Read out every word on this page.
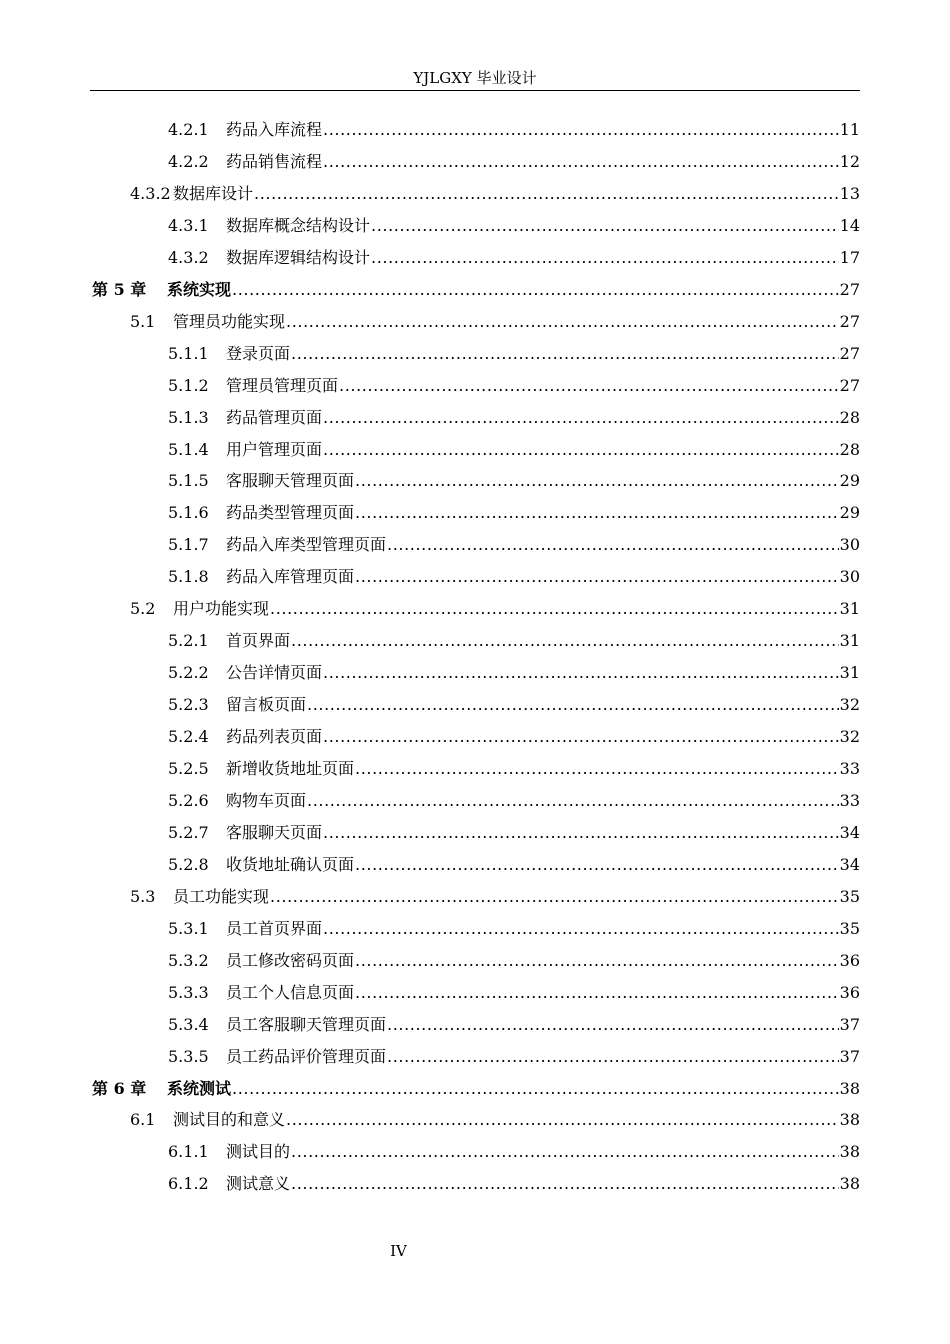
YJLGXY 毕业设计
4.2.1	药品入库流程 .....	11
4.2.2	药品销售流程 .....	12
4.3.2 数据库设计 .....	13
4.3.1	数据库概念结构设计 .....	14
4.3.2	数据库逻辑结构设计 .....	17
第 5 章	系统实现 .....	27
5.1	管理员功能实现 .....	27
5.1.1	登录页面 .....	27
5.1.2	管理员管理页面 .....	27
5.1.3	药品管理页面 .....	28
5.1.4	用户管理页面 .....	28
5.1.5	客服聊天管理页面 .....	29
5.1.6	药品类型管理页面 .....	29
5.1.7	药品入库类型管理页面 .....	30
5.1.8	药品入库管理页面 .....	30
5.2	用户功能实现 .....	31
5.2.1	首页界面 .....	31
5.2.2	公告详情页面 .....	31
5.2.3	留言板页面 .....	32
5.2.4	药品列表页面 .....	32
5.2.5	新增收货地址页面 .....	33
5.2.6	购物车页面 .....	33
5.2.7	客服聊天页面 .....	34
5.2.8	收货地址确认页面 .....	34
5.3	员工功能实现 .....	35
5.3.1	员工首页界面 .....	35
5.3.2	员工修改密码页面 .....	36
5.3.3	员工个人信息页面 .....	36
5.3.4	员工客服聊天管理页面 .....	37
5.3.5	员工药品评价管理页面 .....	37
第 6 章	系统测试 .....	38
6.1	测试目的和意义 .....	38
6.1.1	测试目的 .....	38
6.1.2	测试意义 .....	38
IV
